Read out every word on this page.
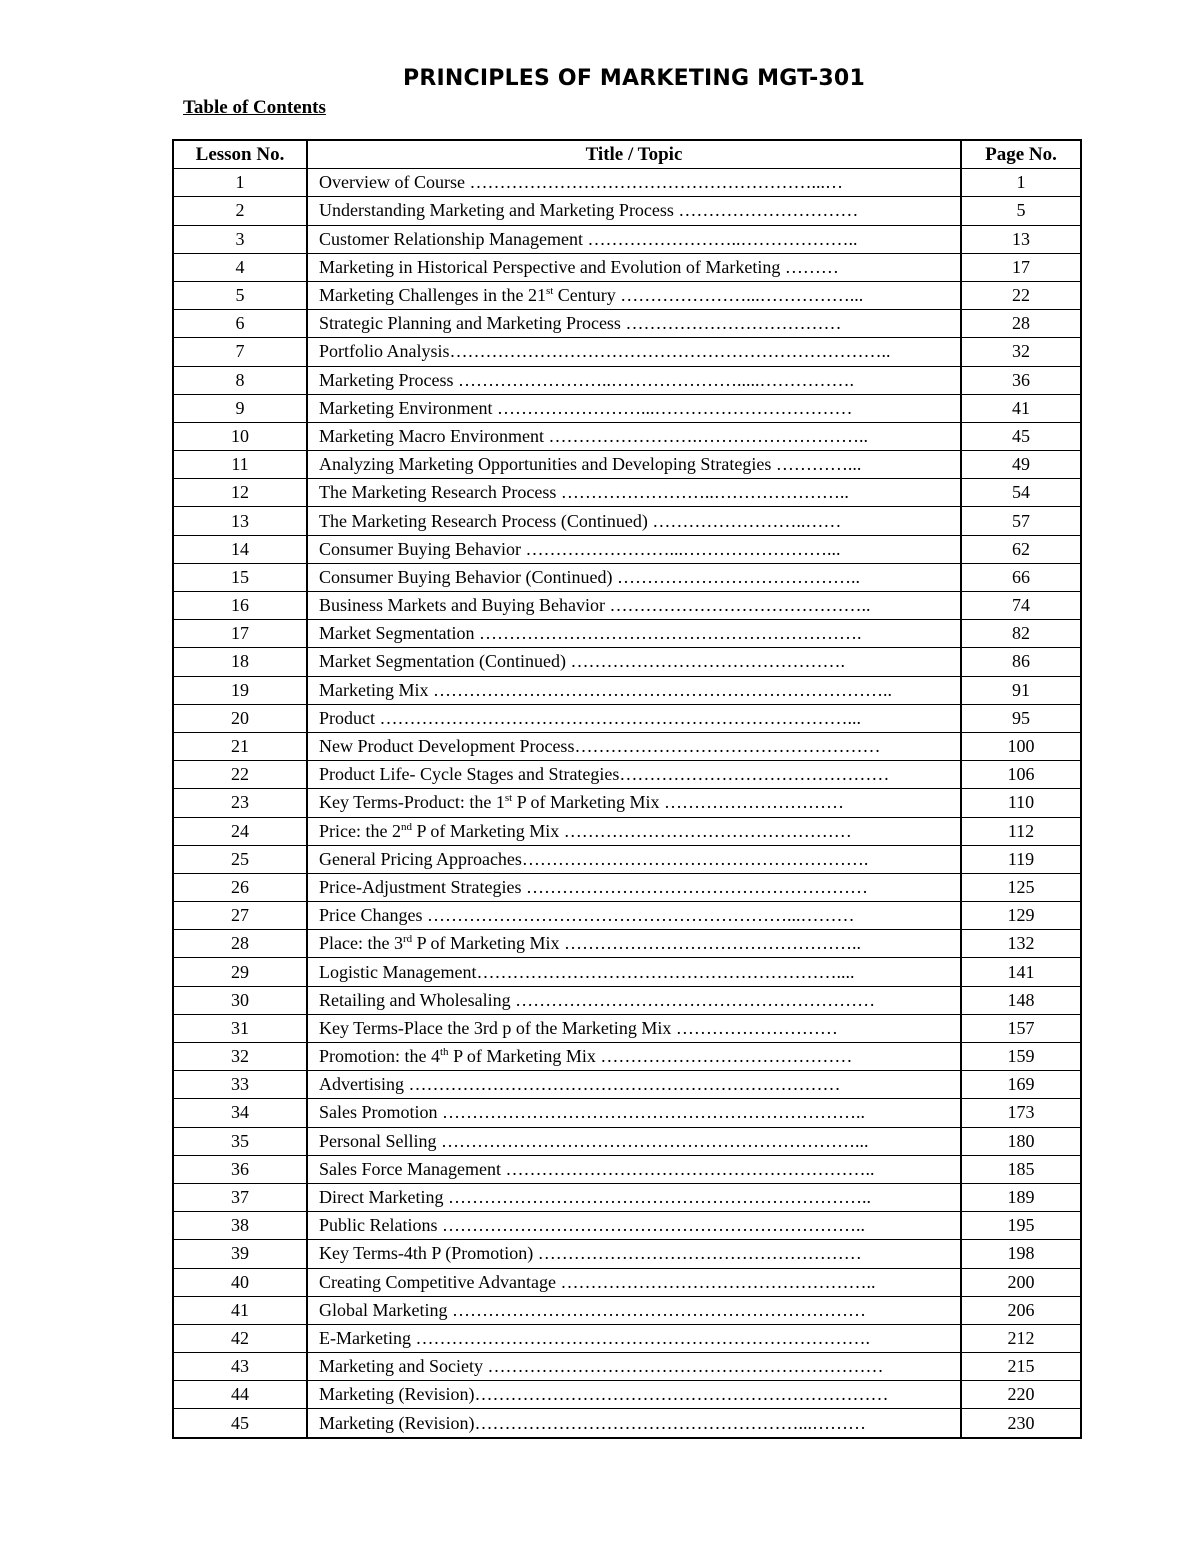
PRINCIPLES OF MARKETING MGT-301
Table of Contents
Lesson No.	Title / Topic	Page No.
1	Overview of Course …………………………………………………...…	1
2	Understanding Marketing and Marketing Process …………………………	5
3	Customer Relationship Management ……………………..………………..	13
4	Marketing in Historical Perspective and Evolution of Marketing ………	17
5	Marketing Challenges in the 21st Century …………………...……………...	22
6	Strategic Planning and Marketing Process ………………………………	28
7	Portfolio Analysis………………………………………………………………..	32
8	Marketing Process ……………………..………………….....…………….	36
9	Marketing Environment ……………………...……………………………	41
10	Marketing Macro Environment …………………….………………………..	45
11	Analyzing Marketing Opportunities and Developing Strategies …………...	49
12	The Marketing Research Process ……………………..…………………..	54
13	The Marketing Research Process (Continued) ……………………..……	57
14	Consumer Buying Behavior ……………………...……………………...	62
15	Consumer Buying Behavior (Continued) …………………………………..	66
16	Business Markets and Buying Behavior ……………………………………..	74
17	Market Segmentation ……………………………………………………….	82
18	Market Segmentation (Continued) ……………………………………….	86
19	Marketing Mix …………………………………………………………………..	91
20	Product ……………………………………………………………………...	95
21	New Product Development Process……………………………………………	100
22	Product Life- Cycle Stages and Strategies………………………………………	106
23	Key Terms-Product: the 1st P of Marketing Mix …………………………	110
24	Price: the 2nd P of Marketing Mix …………………………………………	112
25	General Pricing Approaches………………………………………………….	119
26	Price-Adjustment Strategies …………………………………………………	125
27	Price Changes ……………………………………………………...………	129
28	Place: the 3rd P of Marketing Mix …………………………………………..	132
29	Logistic Management……………………………………………………....	141
30	Retailing and Wholesaling ……………………………………………………	148
31	Key Terms-Place the 3rd p of the Marketing Mix ………………………	157
32	Promotion: the 4th P of Marketing Mix ……………………………………	159
33	Advertising ………………………………………………………………	169
34	Sales Promotion ……………………………………………………………..	173
35	Personal Selling ……………………………………………………………...	180
36	Sales Force Management ……………………………………………………..	185
37	Direct Marketing ……………………………………………………………..	189
38	Public Relations ……………………………………………………………..	195
39	Key Terms-4th P (Promotion) ………………………………………………	198
40	Creating Competitive Advantage ……………………………………………..	200
41	Global Marketing ……………………………………………………………	206
42	E-Marketing ………………………………………………………………….	212
43	Marketing and Society …………………………………………………………	215
44	Marketing (Revision)……………………………………………………………	220
45	Marketing (Revision)………………………………………………...………	230
